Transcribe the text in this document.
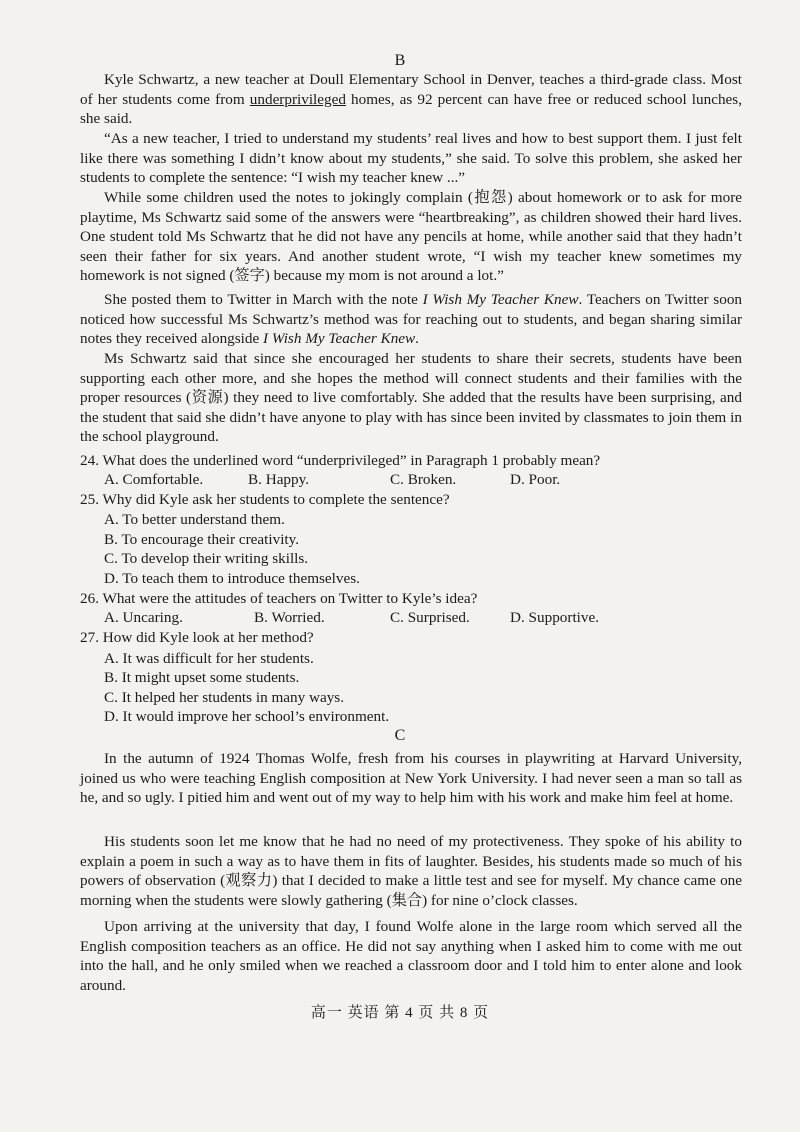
B

Kyle Schwartz, a new teacher at Doull Elementary School in Denver, teaches a third-grade class. Most of her students come from underprivileged homes, as 92 percent can have free or reduced school lunches, she said.

“As a new teacher, I tried to understand my students’ real lives and how to best support them. I just felt like there was something I didn’t know about my students,” she said. To solve this problem, she asked her students to complete the sentence: “I wish my teacher knew ...”

While some children used the notes to jokingly complain (抱怨) about homework or to ask for more playtime, Ms Schwartz said some of the answers were “heartbreaking”, as children showed their hard lives. One student told Ms Schwartz that he did not have any pencils at home, while another said that they hadn’t seen their father for six years. And another student wrote, “I wish my teacher knew sometimes my homework is not signed (签字) because my mom is not around a lot.”

She posted them to Twitter in March with the note I Wish My Teacher Knew. Teachers on Twitter soon noticed how successful Ms Schwartz’s method was for reaching out to students, and began sharing similar notes they received alongside I Wish My Teacher Knew.

Ms Schwartz said that since she encouraged her students to share their secrets, students have been supporting each other more, and she hopes the method will connect students and their families with the proper resources (资源) they need to live comfortably. She added that the results have been surprising, and the student that said she didn’t have anyone to play with has since been invited by classmates to join them in the school playground.

24. What does the underlined word “underprivileged” in Paragraph 1 probably mean?
A. Comfortable.	B. Happy.	C. Broken.	D. Poor.
25. Why did Kyle ask her students to complete the sentence?
A. To better understand them.
B. To encourage their creativity.
C. To develop their writing skills.
D. To teach them to introduce themselves.
26. What were the attitudes of teachers on Twitter to Kyle’s idea?
A. Uncaring.	B. Worried.	C. Surprised.	D. Supportive.
27. How did Kyle look at her method?
A. It was difficult for her students.
B. It might upset some students.
C. It helped her students in many ways.
D. It would improve her school’s environment.
C

In the autumn of 1924 Thomas Wolfe, fresh from his courses in playwriting at Harvard University, joined us who were teaching English composition at New York University. I had never seen a man so tall as he, and so ugly. I pitied him and went out of my way to help him with his work and make him feel at home.

His students soon let me know that he had no need of my protectiveness. They spoke of his ability to explain a poem in such a way as to have them in fits of laughter. Besides, his students made so much of his powers of observation (观察力) that I decided to make a little test and see for myself. My chance came one morning when the students were slowly gathering (集合) for nine o’clock classes.

Upon arriving at the university that day, I found Wolfe alone in the large room which served all the English composition teachers as an office. He did not say anything when I asked him to come with me out into the hall, and he only smiled when we reached a classroom door and I told him to enter alone and look around.

高一 英语 第 4 页 共 8 页
